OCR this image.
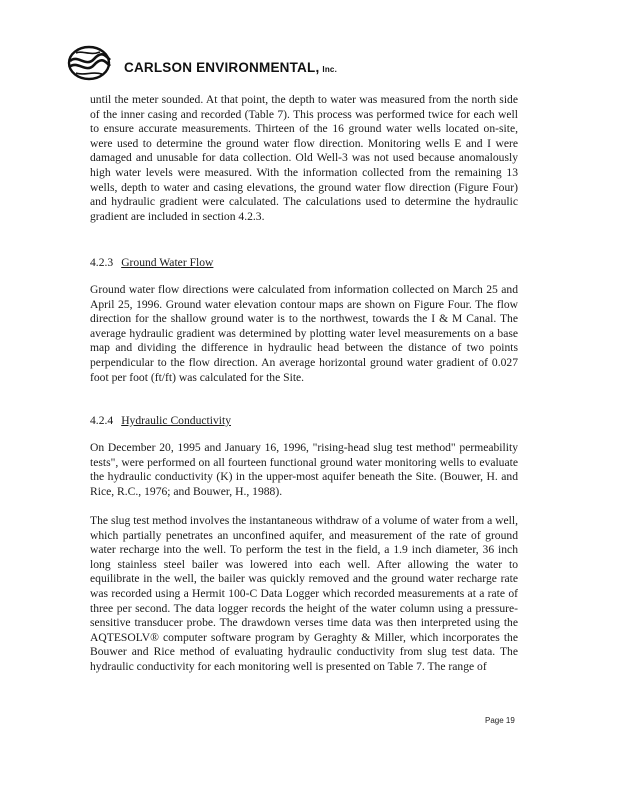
CARLSON ENVIRONMENTAL, Inc.

until the meter sounded. At that point, the depth to water was measured from the north side of the inner casing and recorded (Table 7). This process was performed twice for each well to ensure accurate measurements. Thirteen of the 16 ground water wells located on-site, were used to determine the ground water flow direction. Monitoring wells E and I were damaged and unusable for data collection. Old Well-3 was not used because anomalously high water levels were measured. With the information collected from the remaining 13 wells, depth to water and casing elevations, the ground water flow direction (Figure Four) and hydraulic gradient were calculated. The calculations used to determine the hydraulic gradient are included in section 4.2.3.

4.2.3 Ground Water Flow

Ground water flow directions were calculated from information collected on March 25 and April 25, 1996. Ground water elevation contour maps are shown on Figure Four. The flow direction for the shallow ground water is to the northwest, towards the I & M Canal. The average hydraulic gradient was determined by plotting water level measurements on a base map and dividing the difference in hydraulic head between the distance of two points perpendicular to the flow direction. An average horizontal ground water gradient of 0.027 foot per foot (ft/ft) was calculated for the Site.

4.2.4 Hydraulic Conductivity

On December 20, 1995 and January 16, 1996, "rising-head slug test method" permeability tests", were performed on all fourteen functional ground water monitoring wells to evaluate the hydraulic conductivity (K) in the upper-most aquifer beneath the Site. (Bouwer, H. and Rice, R.C., 1976; and Bouwer, H., 1988).

The slug test method involves the instantaneous withdraw of a volume of water from a well, which partially penetrates an unconfined aquifer, and measurement of the rate of ground water recharge into the well. To perform the test in the field, a 1.9 inch diameter, 36 inch long stainless steel bailer was lowered into each well. After allowing the water to equilibrate in the well, the bailer was quickly removed and the ground water recharge rate was recorded using a Hermit 100-C Data Logger which recorded measurements at a rate of three per second. The data logger records the height of the water column using a pressure-sensitive transducer probe. The drawdown verses time data was then interpreted using the AQTESOLV® computer software program by Geraghty & Miller, which incorporates the Bouwer and Rice method of evaluating hydraulic conductivity from slug test data. The hydraulic conductivity for each monitoring well is presented on Table 7. The range of

Page 19
